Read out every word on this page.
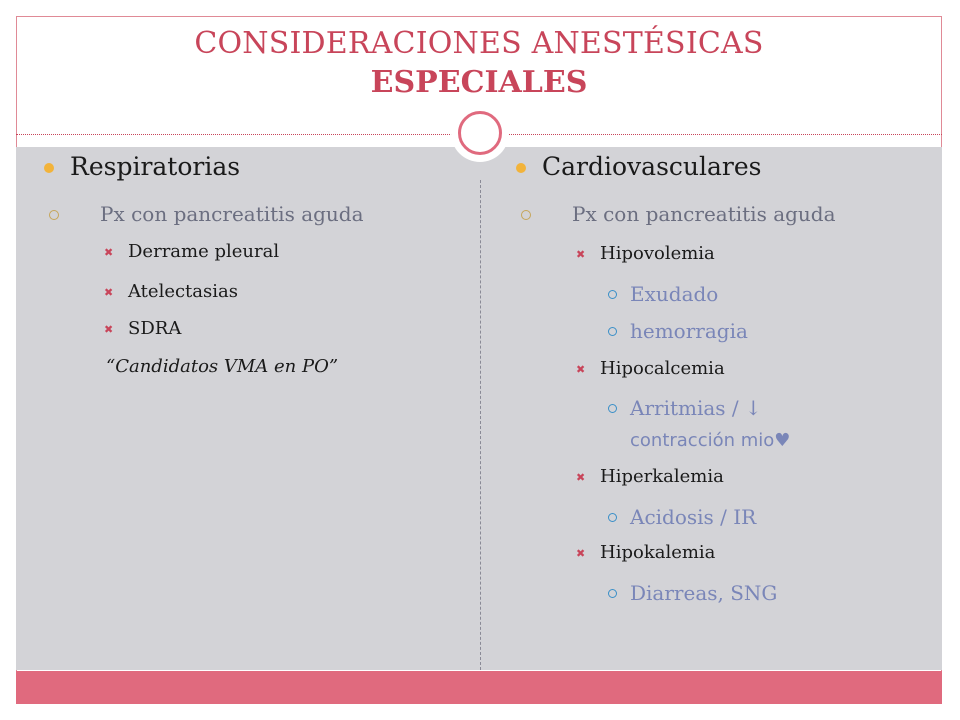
CONSIDERACIONES ANESTÉSICAS
ESPECIALES
Respiratorias
Px con pancreatitis aguda
✖ Derrame pleural
✖ Atelectasias
✖ SDRA
“Candidatos VMA en PO”
Cardiovasculares
Px con pancreatitis aguda
✖ Hipovolemia
Exudado
hemorragia
✖ Hipocalcemia
Arritmias / ↓
contracción mio♥
✖ Hiperkalemia
Acidosis / IR
✖ Hipokalemia
Diarreas, SNG
